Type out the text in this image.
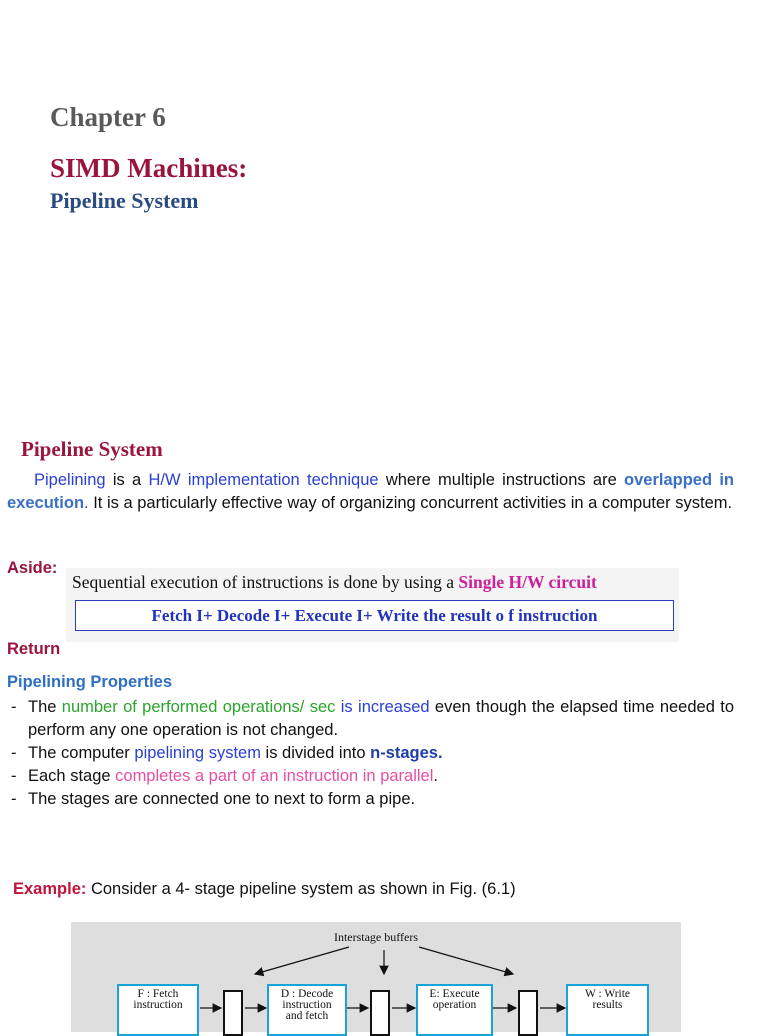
Chapter 6
SIMD Machines:
Pipeline System
Pipeline System
Pipelining is a H/W implementation technique where multiple instructions are overlapped in execution. It is a particularly effective way of organizing concurrent activities in a computer system.
Aside:
Sequential execution of instructions is done by using a Single H/W circuit
Fetch I+ Decode I+ Execute I+ Write the result o f instruction
Return
Pipelining Properties
- The number of performed operations/ sec is increased even though the elapsed time needed to perform any one operation is not changed.
- The computer pipelining system is divided into n-stages.
- Each stage completes a part of an instruction in parallel.
- The stages are connected one to next to form a pipe.
Example: Consider a 4- stage pipeline system as shown in Fig. (6.1)
Interstage buffers
F : Fetch
instruction
D : Decode
instruction
and fetch
E: Execute
operation
W : Write
results
